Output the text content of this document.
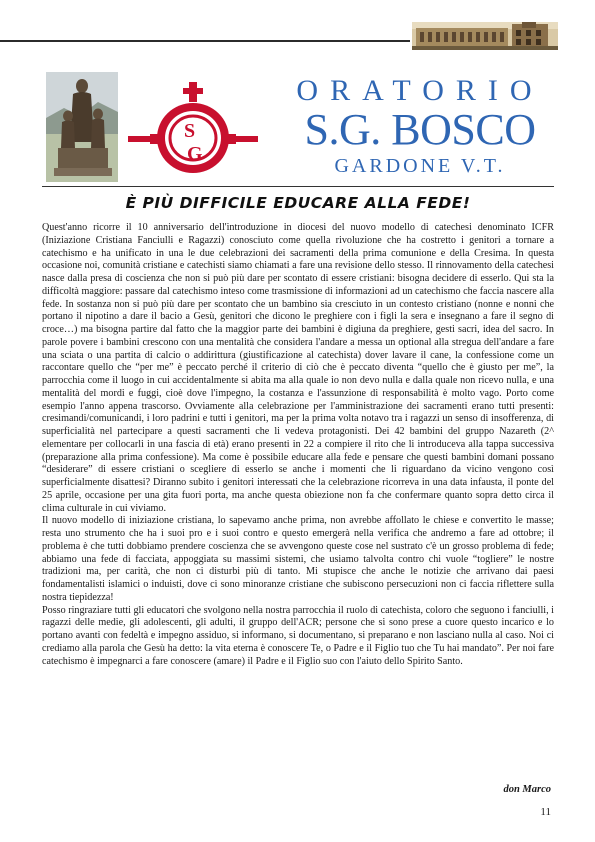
S
G
ORATORIO
S.G. BOSCO
GARDONE V.T.
È PIÙ DIFFICILE EDUCARE ALLA FEDE!

Quest'anno ricorre il 10 anniversario dell'introduzione in diocesi del nuovo modello di catechesi denominato ICFR (Iniziazione Cristiana Fanciulli e Ragazzi) conosciuto come quella rivoluzione che ha costretto i genitori a tornare a catechismo e ha unificato in una le due celebrazioni dei sacramenti della prima comunione e della Cresima. In questa occasione noi, comunità cristiane e catechisti siamo chiamati a fare una revisione dello stesso. Il rinnovamento della catechesi nasce dalla presa di coscienza che non si può più dare per scontato di essere cristiani: bisogna decidere di esserlo. Qui sta la difficoltà maggiore: passare dal catechismo inteso come trasmissione di informazioni ad un catechismo che faccia nascere alla fede. In sostanza non si può più dare per scontato che un bambino sia cresciuto in un contesto cristiano (nonne e nonni che portano il nipotino a dare il bacio a Gesù, genitori che dicono le preghiere con i figli la sera e insegnano a fare il segno di croce…) ma bisogna partire dal fatto che la maggior parte dei bambini è digiuna da preghiere, gesti sacri, idea del sacro. In parole povere i bambini crescono con una mentalità che considera l'andare a messa un optional alla stregua dell'andare a fare una sciata o una partita di calcio o addirittura (giustificazione al catechista) dover lavare il cane, la confessione come un raccontare quello che “per me” è peccato perché il criterio di ciò che è peccato diventa “quello che è giusto per me”, la parrocchia come il luogo in cui accidentalmente si abita ma alla quale io non devo nulla e dalla quale non ricevo nulla, e una mentalità del mordi e fuggi, cioè dove l'impegno, la costanza e l'assunzione di responsabilità è molto vago. Porto come esempio l'anno appena trascorso. Ovviamente alla celebrazione per l'amministrazione dei sacramenti erano tutti presenti: cresimandi/comunicandi, i loro padrini e tutti i genitori, ma per la prima volta notavo tra i ragazzi un senso di insofferenza, di superficialità nel partecipare a questi sacramenti che li vedeva protagonisti. Dei 42 bambini del gruppo Nazareth (2^ elementare per collocarli in una fascia di età) erano presenti in 22 a compiere il rito che li introduceva alla tappa successiva (preparazione alla prima confessione). Ma come è possibile educare alla fede e pensare che questi bambini domani possano “desiderare” di essere cristiani o scegliere di esserlo se anche i momenti che li riguardano da vicino vengono così superficialmente disattesi? Diranno subito i genitori interessati che la celebrazione ricorreva in una data infausta, il ponte del 25 aprile, occasione per una gita fuori porta, ma anche questa obiezione non fa che confermare quanto sopra detto circa il clima culturale in cui viviamo.

Il nuovo modello di iniziazione cristiana, lo sapevamo anche prima, non avrebbe affollato le chiese e convertito le masse; resta uno strumento che ha i suoi pro e i suoi contro e questo emergerà nella verifica che andremo a fare ad ottobre; il problema è che tutti dobbiamo prendere coscienza che se avvengono queste cose nel sustrato c'è un grosso problema di fede; abbiamo una fede di facciata, appoggiata su massimi sistemi, che usiamo talvolta contro chi vuole “togliere” le nostre tradizioni ma, per carità, che non ci disturbi più di tanto. Mi stupisce che anche le notizie che arrivano dai paesi fondamentalisti islamici o induisti, dove ci sono minoranze cristiane che subiscono persecuzioni non ci faccia riflettere sulla nostra tiepidezza!

Posso ringraziare tutti gli educatori che svolgono nella nostra parrocchia il ruolo di catechista, coloro che seguono i fanciulli, i ragazzi delle medie, gli adolescenti, gli adulti, il gruppo dell'ACR; persone che si sono prese a cuore questo incarico e lo portano avanti con fedeltà e impegno assiduo, si informano, si documentano, si preparano e non lasciano nulla al caso. Noi ci crediamo alla parola che Gesù ha detto: la vita eterna è conoscere Te, o Padre e il Figlio tuo che Tu hai mandato”. Per noi fare catechismo è impegnarci a fare conoscere (amare) il Padre e il Figlio suo con l'aiuto dello Spirito Santo.

don Marco
11
